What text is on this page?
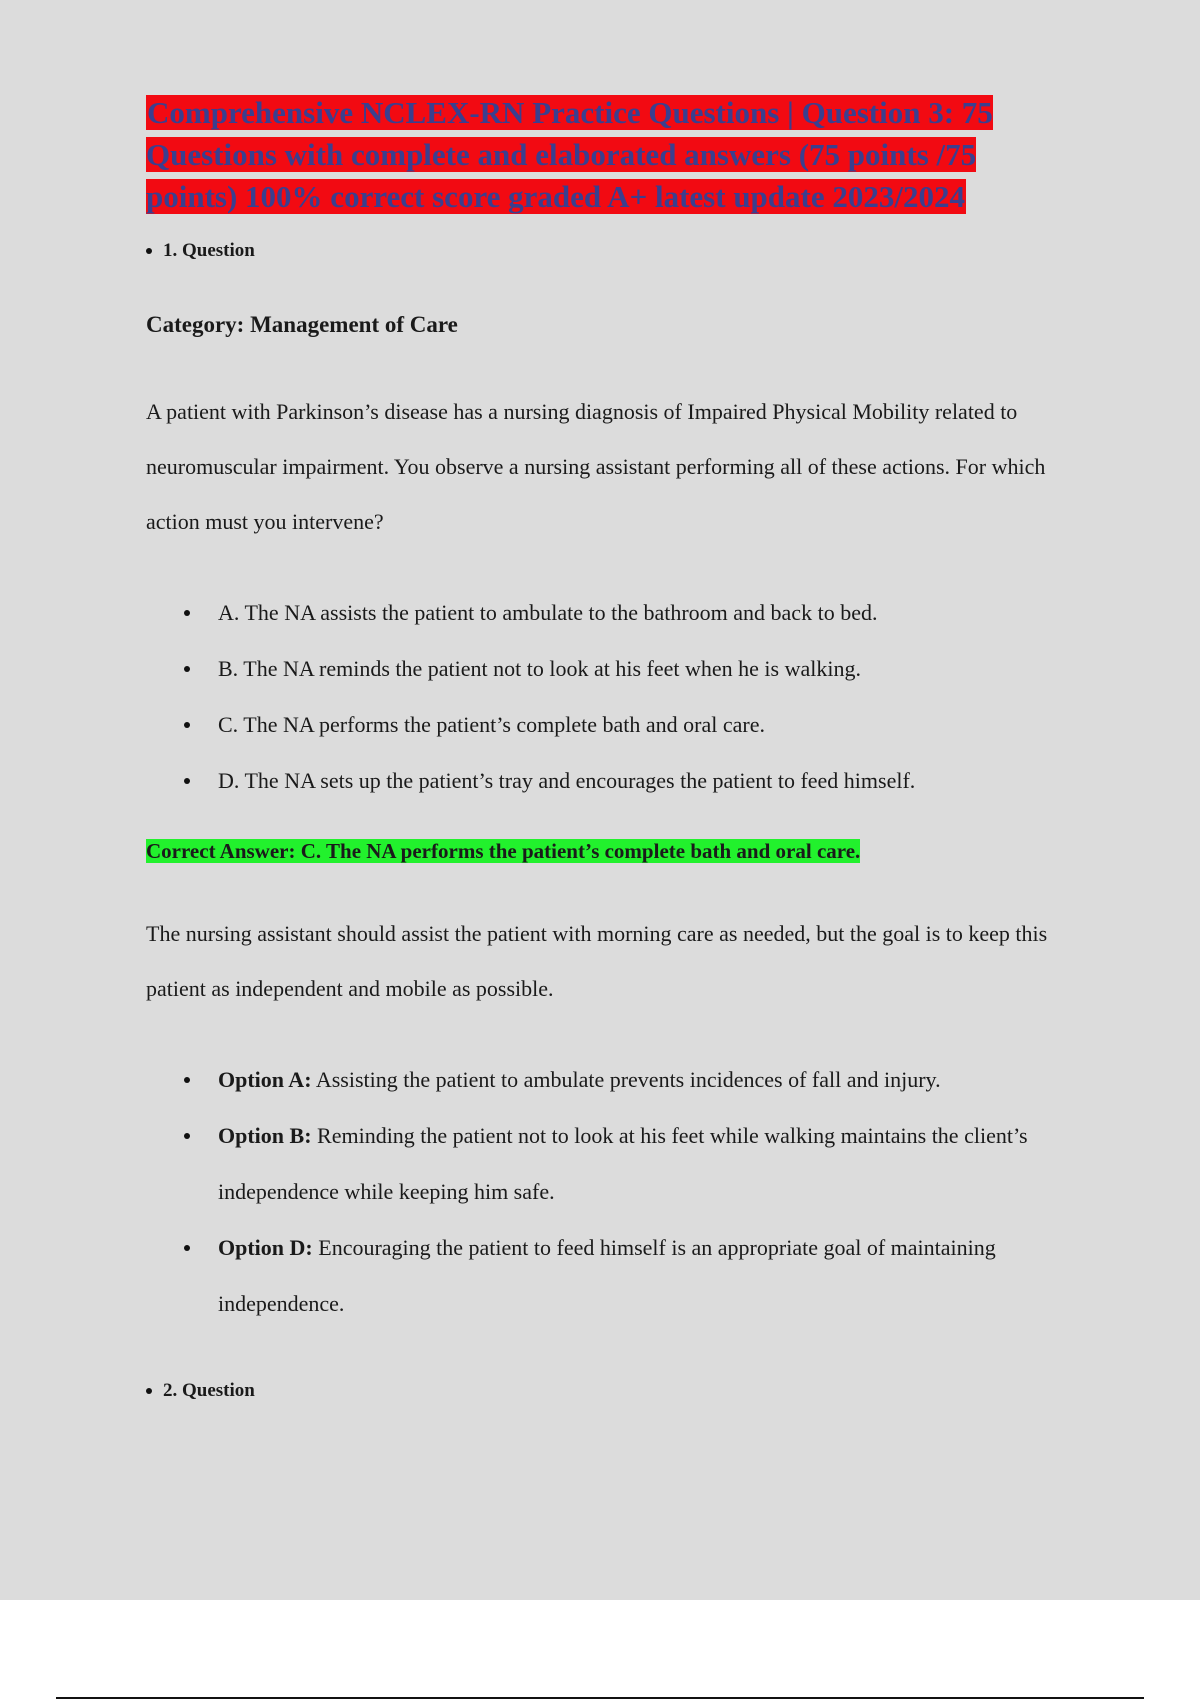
Comprehensive NCLEX-RN Practice Questions | Question 3: 75 Questions with complete and elaborated answers (75 points /75 points) 100% correct score graded A+ latest update 2023/2024
1. Question
Category: Management of Care
A patient with Parkinson’s disease has a nursing diagnosis of Impaired Physical Mobility related to neuromuscular impairment. You observe a nursing assistant performing all of these actions. For which action must you intervene?
A. The NA assists the patient to ambulate to the bathroom and back to bed.
B. The NA reminds the patient not to look at his feet when he is walking.
C. The NA performs the patient’s complete bath and oral care.
D. The NA sets up the patient’s tray and encourages the patient to feed himself.
Correct Answer: C. The NA performs the patient’s complete bath and oral care.
The nursing assistant should assist the patient with morning care as needed, but the goal is to keep this patient as independent and mobile as possible.
Option A: Assisting the patient to ambulate prevents incidences of fall and injury.
Option B: Reminding the patient not to look at his feet while walking maintains the client’s independence while keeping him safe.
Option D: Encouraging the patient to feed himself is an appropriate goal of maintaining independence.
2. Question
